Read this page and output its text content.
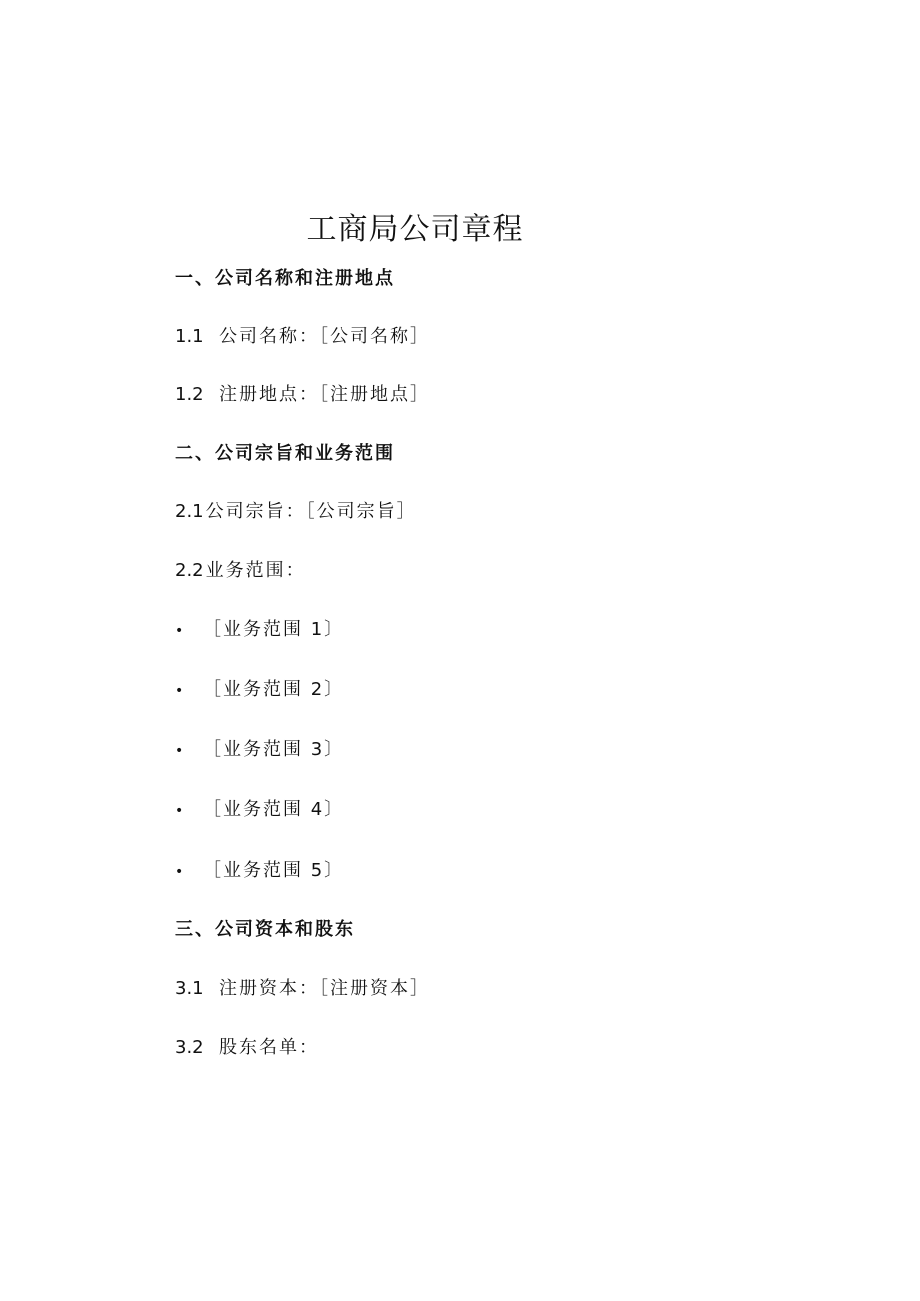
工商局公司章程
一、公司名称和注册地点
1.1 公司名称：［公司名称］
1.2 注册地点：［注册地点］
二、公司宗旨和业务范围
2.1 公司宗旨：［公司宗旨］
2.2 业务范围：
• ［业务范围 1〕
• ［业务范围 2〕
• ［业务范围 3〕
• ［业务范围 4〕
• ［业务范围 5〕
三、公司资本和股东
3.1 注册资本：［注册资本］
3.2 股东名单：
